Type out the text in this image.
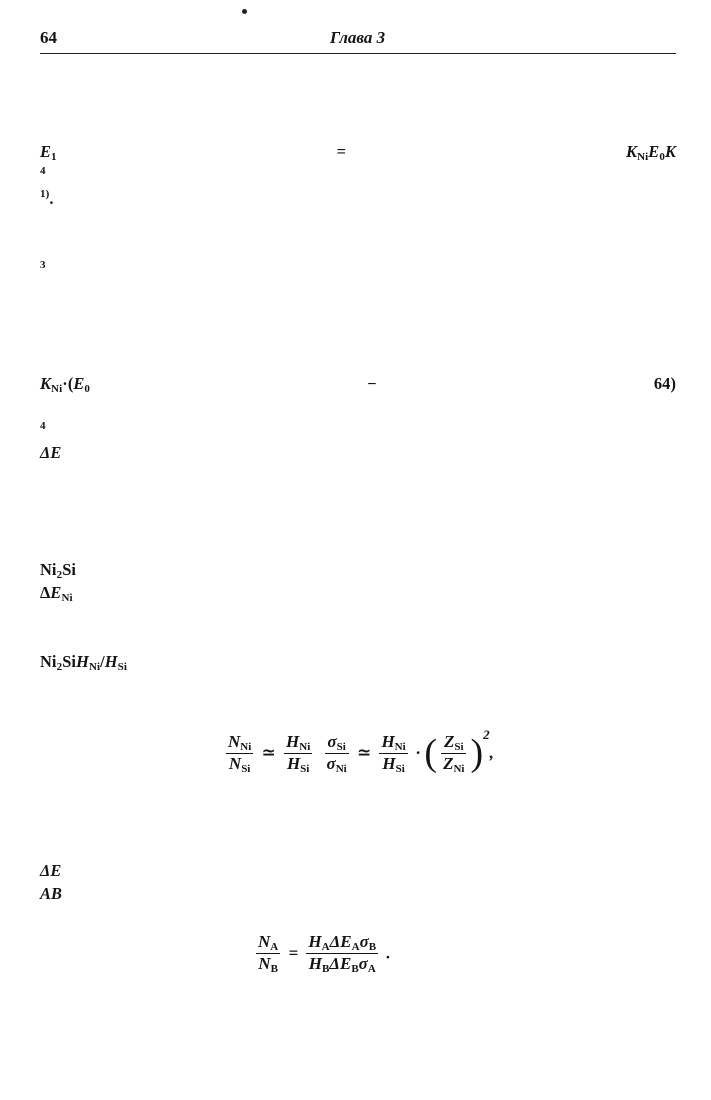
64	Глава 3
$E_1 = K_{Ni}E_0K$
$^4$
$^{1)}$.
$^3$
$K_{Ni}\cdot(E_0 - 64)$
$^4$
ΔE
$Ni_2Si$
$\Delta E_{Ni}$
$Ni_2SiH_{Ni}/H_{Si}$
$\frac{N_{Ni}}{N_{Si}}$ ≃ $\frac{H_{Ni}}{H_{Si}}$
$\frac{\sigma_{Si}}{\sigma_{Ni}}$ ≃ $\frac{H_{Ni}}{H_{Si}}$ · ( $\frac{Z_{Si}}{Z_{Ni}} )^2$,
ΔE
AB
$\frac{N_A}{N_B} = \frac{H_A\Delta E_A\sigma_B}{H_B\Delta E_B\sigma_A}$ .
